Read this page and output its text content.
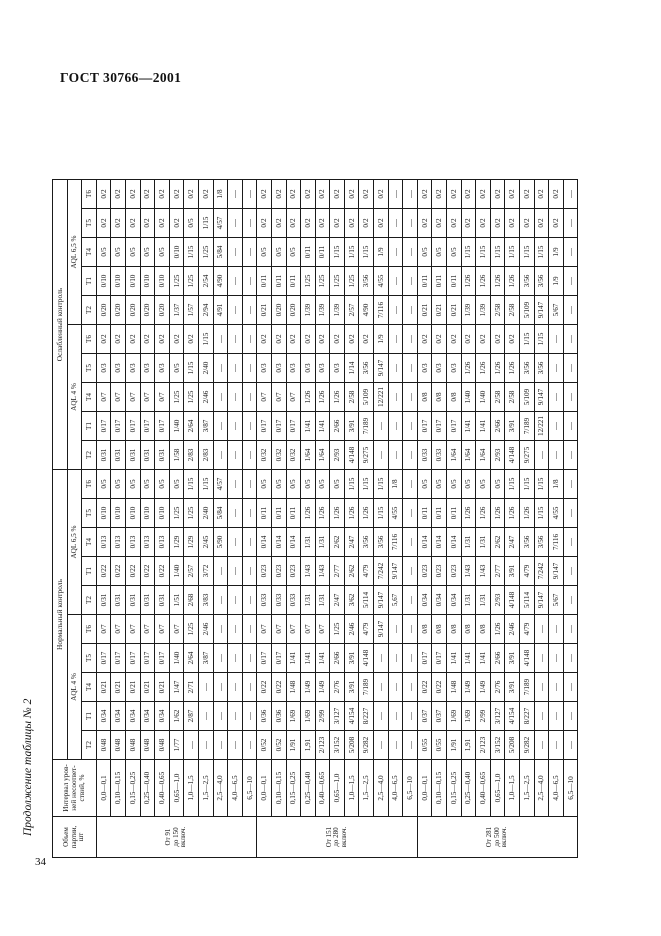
ГОСТ 30766—2001
34
Продолжение таблицы № 2
Объем партии, шт

Интервал уров- ней несоответ- ствий, %
	Нормальный контроль	Ослабленный контроль
		AQL 4 %					AQL 6,5 %					AQL 4 %					AQL 6,5 %				
		T2	T1	T4	T5	T6	T2	T1	T4	T5	T6	T2	T1	T4	T5	T6	T2	T1	T4	T5	T6

От 91 до 150 включ.	0,0—0,1	0/48	0/34	0/21	0/17	0/7	0/31	0/22	0/13	0/10	0/5	0/31	0/17	0/7	0/3	0/2	0/20	0/10	0/5	0/2	0/2
	0,10—0,15	0/48	0/34	0/21	0/17	0/7	0/31	0/22	0/13	0/10	0/5	0/31	0/17	0/7	0/3	0/2	0/20	0/10	0/5	0/2	0/2
	0,15—0,25	0/48	0/34	0/21	0/17	0/7	0/31	0/22	0/13	0/10	0/5	0/31	0/17	0/7	0/3	0/2	0/20	0/10	0/5	0/2	0/2
	0,25—0,40	0/48	0/34	0/21	0/17	0/7	0/31	0/22	0/13	0/10	0/5	0/31	0/17	0/7	0/3	0/2	0/20	0/10	0/5	0/2	0/2
	0,40—0,65	0/48	0/34	0/21	0/17	0/7	0/31	0/22	0/13	0/10	0/5	0/31	0/17	0/7	0/3	0/2	0/20	0/10	0/5	0/2	0/2
	0,65—1,0	1/77	1/62	1/47	1/40	0/7	1/51	1/40	1/29	1/25	0/5	1/58	1/40	1/25	0/5	0/2	1/37	1/25	0/10	0/2	0/2
	1,0—1,5	—	2/87	2/71	2/64	1/25	2/68	2/57	1/29	1/25	1/15	2/83	2/64	1/25	1/15	0/2	1/57	1/25	1/15	0/5	0/2
	1,5—2,5	—	—	—	3/87	2/46	3/83	3/72	2/45	2/40	1/15	2/83	3/87	2/46	2/40	1/15	2/94	2/54	1/25	1/15	0/2
	2,5—4,0	—	—	—	—	—	—	—	5/90	5/84	4/57	—	—	—	—	—	4/91	4/90	5/84	4/57	1/8
	4,0—6,5	—	—	—	—	—	—	—	—	—	—	—	—	—	—	—	—	—	—	—	—
	6,5—10	—	—	—	—	—	—	—	—	—	—	—	—	—	—	—	—	—	—	—	—

От 151 до 280 включ.	0,0—0,1	0/52	0/36	0/22	0/17	0/7	0/33	0/23	0/14	0/11	0/5	0/32	0/17	0/7	0/3	0/2	0/21	0/11	0/5	0/2	0/2
	0,10—0,15	0/52	0/36	0/22	0/17	0/7	0/33	0/23	0/14	0/11	0/5	0/32	0/17	0/7	0/3	0/2	0/20	0/11	0/5	0/2	0/2
	0,15—0,25	1/91	1/69	1/48	1/41	0/7	0/33	0/23	0/14	0/11	0/5	0/32	0/17	0/7	0/3	0/2	0/20	0/11	0/5	0/2	0/2
	0,25—0,40	1,91	1/69	1/49	1/41	0/7	1/31	1/43	1/31	1/26	0/5	1/64	1/41	1/26	0/3	0/2	1/39	1/25	0/11	0/2	0/2
	0,40—0,65	2/123	2/99	1/49	1/41	0/7	1/31	1/43	1/31	1/26	0/5	1/64	1/41	1/26	0/3	0/2	1/39	1/25	0/11	0/2	0/2
	0,65—1,0	3/152	3/127	2/76	2/66	1/25	2/47	2/77	2/62	1/26	0/5	2/93	2/66	1/26	0/3	0/2	1/39	1/25	1/15	0/2	0/2
	1,0—1,5	5/208	4/154	3/91	3/91	2/46	3/62	2/62	2/47	1/26	1/15	4/148	3/91	2/58	1/14	0/2	2/57	1/25	1/15	0/2	0/2
	1,5—2,5	9/282	8/227	7/189	4/148	4/79	5/114	4/79	3/56	1/26	1/15	9/275	7/189	5/109	3/56	0/2	4/90	3/56	1/15	0/2	0/2
	2,5—4,0	—	—	—	—	9/147	9/147	7/242	3/56	1/15	1/15	—	—	12/221	9/147	1/9	7/116	4/55	1/9	0/2	0/2
	4,0—6,5	—	—	—	—	—	5,67	9/147	7/116	4/55	1/8	—	—	—	—	—	—	—	—	—	—
	6,5—10	—	—	—	—	—	—	—	—	—	—	—	—	—	—	—	—	—	—	—	—

От 281 до 500 включ.	0,0—0,1	0/55	0/37	0/22	0/17	0/8	0/34	0/23	0/14	0/11	0/5	0/33	0/17	0/8	0/3	0/2	0/21	0/11	0/5	0/2	0/2
	0,10—0,15	0/55	0/37	0/22	0/17	0/8	0/34	0/23	0/14	0/11	0/5	0/33	0/17	0/8	0/3	0/2	0/21	0/11	0/5	0/2	0/2
	0,15—0,25	1/91	1/69	1/48	1/41	0/8	0/34	0/23	0/14	0/11	0/5	1/64	0/17	0/8	0/3	0/2	0/21	0/11	0/5	0/2	0/2
	0,25—0,40	1,91	1/69	1/49	1/41	0/8	1/31	1/43	1/31	1/26	0/5	1/64	1/41	1/40	1/26	0/2	1/39	1/26	1/15	0/2	0/2
	0,40—0,65	2/123	2/99	1/49	1/41	0/8	1/31	1/43	1/31	1/26	0/5	1/64	1/41	1/40	1/26	0/2	1/39	1/26	1/15	0/2	0/2
	0,65—1,0	3/152	3/127	2/76	2/66	1/26	2/93	2/77	2/62	1/26	0/5	2/93	2/66	2/58	1/26	0/2	2/58	1/26	1/15	0/2	0/2
	1,0—1,5	5/208	4/154	3/91	3/91	2/46	4/148	3/91	2/47	1/26	1/15	4/148	3/91	2/58	1/26	0/2	2/58	1/26	1/15	0/2	0/2
	1,5—2,5	9/282	8/227	7/189	4/148	4/79	5/114	4/79	3/56	1/26	1/15	9/275	7/189	5/109	3/56	1/15	5/109	3/56	1/15	0/2	0/2
	2,5—4,0	—	—	—	—	—	9/147	7/242	3/56	1/15	1/15	—	12/221	9/147	3/56	1/15	9/147	3/56	1/15	0/2	0/2
	4,0—6,5	—	—	—	—	—	5/67	9/147	7/116	4/55	1/8	—	—	—	—	—	5/67	1/9	1/9	0/2	0/2
	6,5—10	—	—	—	—	—	—	—	—	—	—	—	—	—	—	—	—	—	—	—	—
